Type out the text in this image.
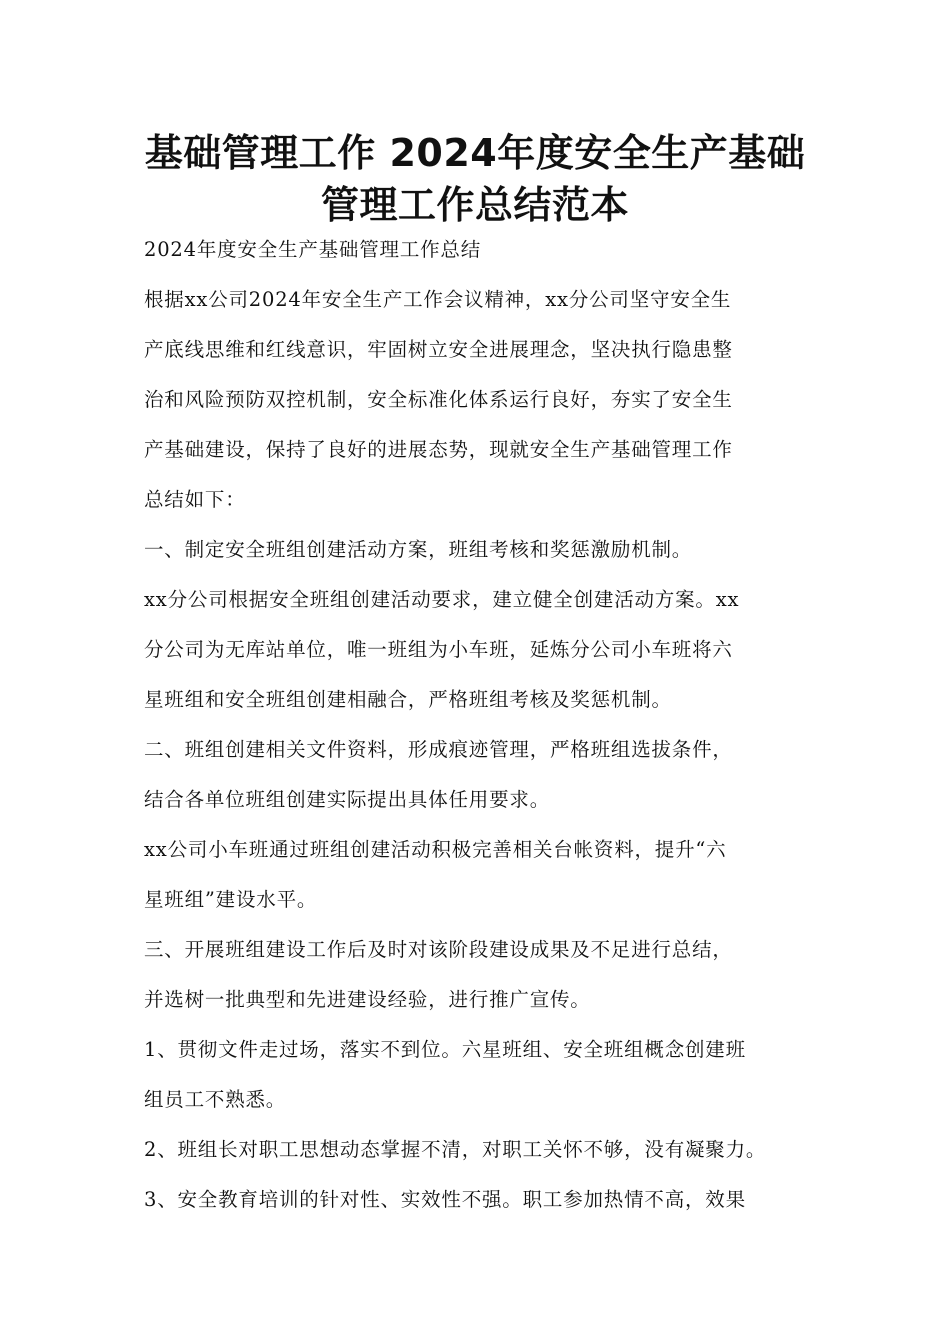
基础管理工作 2024年度安全生产基础
管理工作总结范本
2024年度安全生产基础管理工作总结
根据xx公司2024年安全生产工作会议精神，xx分公司坚守安全生
产底线思维和红线意识，牢固树立安全进展理念，坚决执行隐患整
治和风险预防双控机制，安全标准化体系运行良好，夯实了安全生
产基础建设，保持了良好的进展态势，现就安全生产基础管理工作
总结如下：
一、制定安全班组创建活动方案，班组考核和奖惩激励机制。
xx分公司根据安全班组创建活动要求，建立健全创建活动方案。xx
分公司为无库站单位，唯一班组为小车班，延炼分公司小车班将六
星班组和安全班组创建相融合，严格班组考核及奖惩机制。
二、班组创建相关文件资料，形成痕迹管理，严格班组选拔条件，
结合各单位班组创建实际提出具体任用要求。
xx公司小车班通过班组创建活动积极完善相关台帐资料，提升“六
星班组”建设水平。
三、开展班组建设工作后及时对该阶段建设成果及不足进行总结，
并选树一批典型和先进建设经验，进行推广宣传。
1、贯彻文件走过场，落实不到位。六星班组、安全班组概念创建班
组员工不熟悉。
2、班组长对职工思想动态掌握不清，对职工关怀不够，没有凝聚力。
3、安全教育培训的针对性、实效性不强。职工参加热情不高，效果
